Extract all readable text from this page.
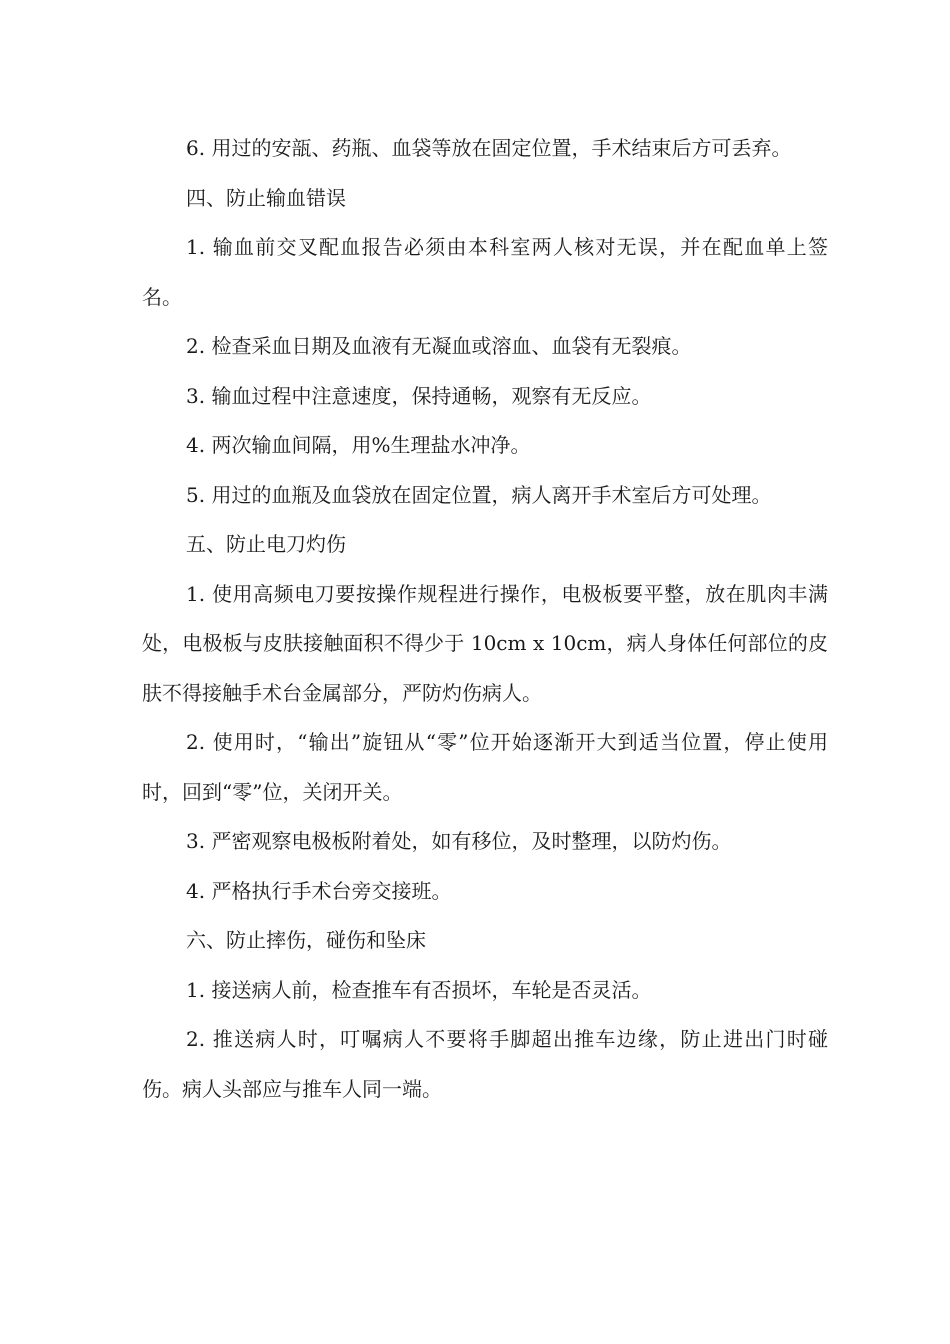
6. 用过的安瓿、药瓶、血袋等放在固定位置，手术结束后方可丢弃。

四、防止输血错误

1. 输血前交叉配血报告必须由本科室两人核对无误，并在配血单上签名。

2. 检查采血日期及血液有无凝血或溶血、血袋有无裂痕。

3. 输血过程中注意速度，保持通畅，观察有无反应。

4. 两次输血间隔，用%生理盐水冲净。

5. 用过的血瓶及血袋放在固定位置，病人离开手术室后方可处理。

五、防止电刀灼伤

1. 使用高频电刀要按操作规程进行操作，电极板要平整，放在肌肉丰满处，电极板与皮肤接触面积不得少于 10cm x 10cm，病人身体任何部位的皮肤不得接触手术台金属部分，严防灼伤病人。

2. 使用时，“输出”旋钮从“零”位开始逐渐开大到适当位置，停止使用时，回到“零”位，关闭开关。

3. 严密观察电极板附着处，如有移位，及时整理，以防灼伤。

4. 严格执行手术台旁交接班。

六、防止摔伤，碰伤和坠床

1. 接送病人前，检查推车有否损坏，车轮是否灵活。

2. 推送病人时，叮嘱病人不要将手脚超出推车边缘，防止进出门时碰伤。病人头部应与推车人同一端。
